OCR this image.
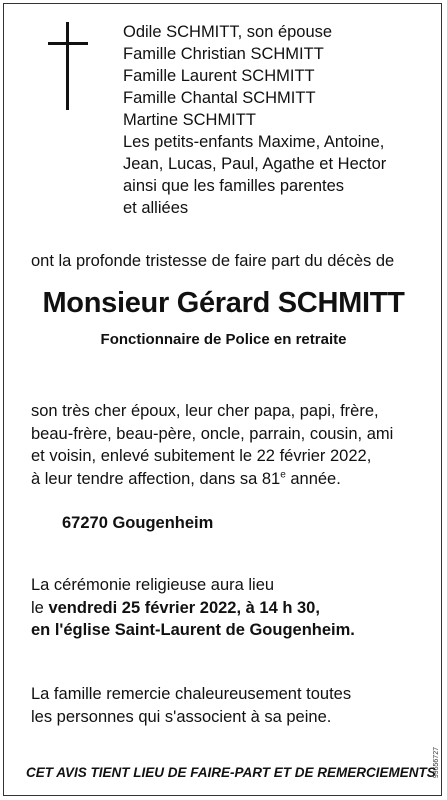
Odile SCHMITT, son épouse
Famille Christian SCHMITT
Famille Laurent SCHMITT
Famille Chantal SCHMITT
Martine SCHMITT
Les petits-enfants Maxime, Antoine,
Jean, Lucas, Paul, Agathe et Hector
ainsi que les familles parentes
et alliées
ont la profonde tristesse de faire part du décès de
Monsieur Gérard SCHMITT
Fonctionnaire de Police en retraite
son très cher époux, leur cher papa, papi, frère,
beau-frère, beau-père, oncle, parrain, cousin, ami
et voisin, enlevé subitement le 22 février 2022,
à leur tendre affection, dans sa 81e année.
67270 Gougenheim
La cérémonie religieuse aura lieu
le vendredi 25 février 2022, à 14 h 30,
en l'église Saint-Laurent de Gougenheim.
La famille remercie chaleureusement toutes
les personnes qui s'associent à sa peine.
CET AVIS TIENT LIEU DE FAIRE-PART ET DE REMERCIEMENTS
99656727
